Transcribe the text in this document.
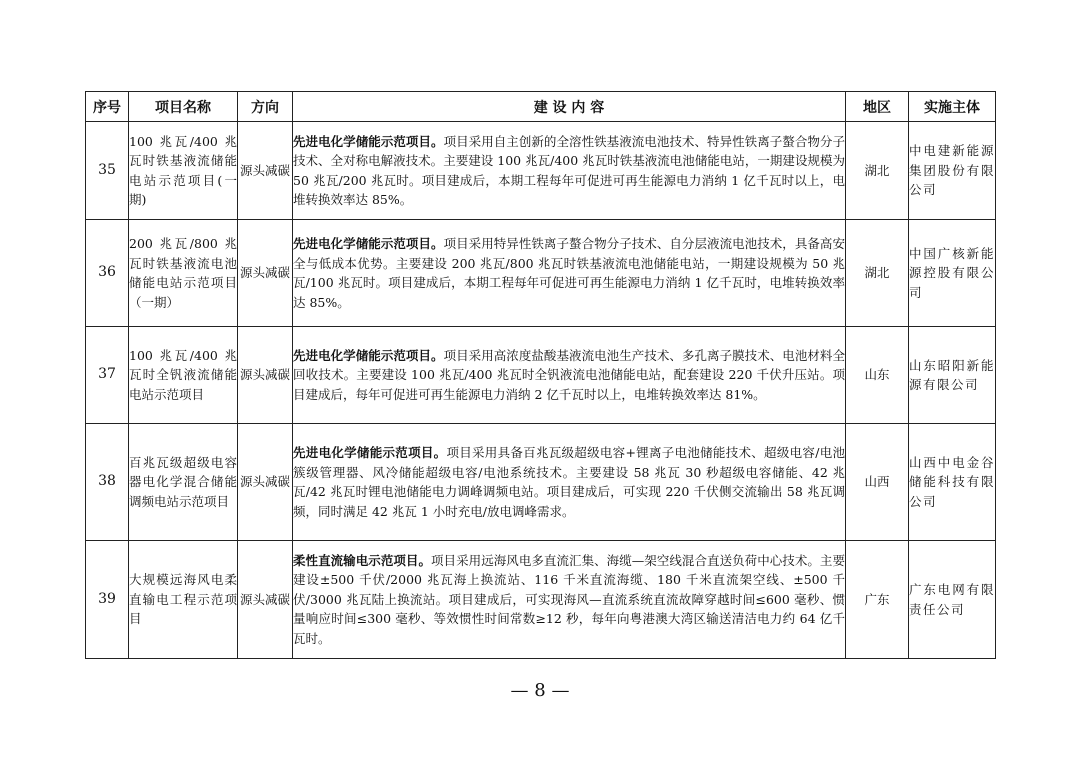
序号	项目名称	方向	建 设 内 容	地区	实施主体
35	100 兆瓦/400 兆瓦时铁基液流储能电站示范项目(一期)	源头减碳	先进电化学储能示范项目。项目采用自主创新的全溶性铁基液流电池技术、特异性铁离子螯合物分子技术、全对称电解液技术。主要建设 100 兆瓦/400 兆瓦时铁基液流电池储能电站，一期建设规模为 50 兆瓦/200 兆瓦时。项目建成后，本期工程每年可促进可再生能源电力消纳 1 亿千瓦时以上，电堆转换效率达 85%。	湖北	中电建新能源集团股份有限公司
36	200 兆瓦/800 兆瓦时铁基液流电池储能电站示范项目（一期）	源头减碳	先进电化学储能示范项目。项目采用特异性铁离子螯合物分子技术、自分层液流电池技术，具备高安全与低成本优势。主要建设 200 兆瓦/800 兆瓦时铁基液流电池储能电站，一期建设规模为 50 兆瓦/100 兆瓦时。项目建成后，本期工程每年可促进可再生能源电力消纳 1 亿千瓦时，电堆转换效率达 85%。	湖北	中国广核新能源控股有限公司
37	100 兆瓦/400 兆瓦时全钒液流储能电站示范项目	源头减碳	先进电化学储能示范项目。项目采用高浓度盐酸基液流电池生产技术、多孔离子膜技术、电池材料全回收技术。主要建设 100 兆瓦/400 兆瓦时全钒液流电池储能电站，配套建设 220 千伏升压站。项目建成后，每年可促进可再生能源电力消纳 2 亿千瓦时以上，电堆转换效率达 81%。	山东	山东昭阳新能源有限公司
38	百兆瓦级超级电容器电化学混合储能调频电站示范项目	源头减碳	先进电化学储能示范项目。项目采用具备百兆瓦级超级电容+锂离子电池储能技术、超级电容/电池簇级管理器、风冷储能超级电容/电池系统技术。主要建设 58 兆瓦 30 秒超级电容储能、42 兆瓦/42 兆瓦时锂电池储能电力调峰调频电站。项目建成后，可实现 220 千伏侧交流输出 58 兆瓦调频，同时满足 42 兆瓦 1 小时充电/放电调峰需求。	山西	山西中电金谷储能科技有限公司
39	大规模远海风电柔直输电工程示范项目	源头减碳	柔性直流输电示范项目。项目采用远海风电多直流汇集、海缆—架空线混合直送负荷中心技术。主要建设±500 千伏/2000 兆瓦海上换流站、116 千米直流海缆、180 千米直流架空线、±500 千伏/3000 兆瓦陆上换流站。项目建成后，可实现海风—直流系统直流故障穿越时间≤600 毫秒、惯量响应时间≤300 毫秒、等效惯性时间常数≥12 秒，每年向粤港澳大湾区输送清洁电力约 64 亿千瓦时。	广东	广东电网有限责任公司
— 8 —
